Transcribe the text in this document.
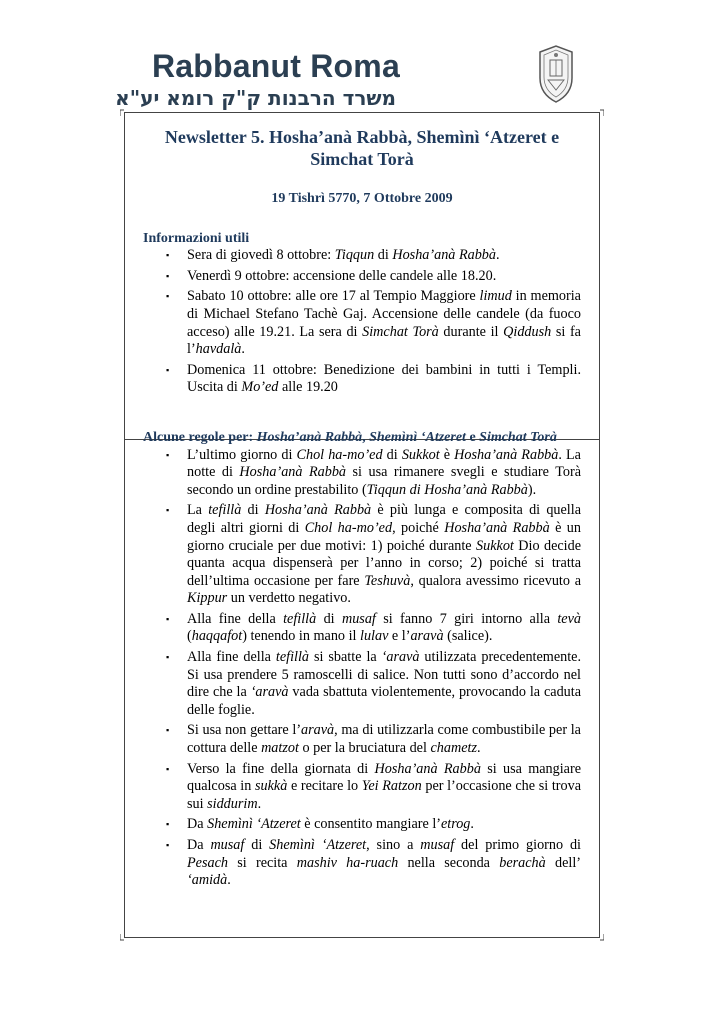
Rabbanut Roma
משרד הרבנות ק"ק רומא יע"א
Newsletter 5. Hosha’anà Rabbà, Shemìnì ‘Atzeret e Simchat Torà
19 Tishrì 5770, 7 Ottobre 2009
Informazioni utili
▪ Sera di giovedì 8 ottobre: Tiqqun di Hosha’anà Rabbà.
▪ Venerdì 9 ottobre: accensione delle candele alle 18.20.
▪ Sabato 10 ottobre: alle ore 17 al Tempio Maggiore limud in memoria di Michael Stefano Tachè Gaj. Accensione delle candele (da fuoco acceso) alle 19.21. La sera di Simchat Torà durante il Qiddush si fa l’havdalà.
▪ Domenica 11 ottobre: Benedizione dei bambini in tutti i Templi. Uscita di Mo’ed alle 19.20
Alcune regole per: Hosha’anà Rabbà, Shemìnì ‘Atzeret e Simchat Torà
▪ L’ultimo giorno di Chol ha-mo’ed di Sukkot è Hosha’anà Rabbà. La notte di Hosha’anà Rabbà si usa rimanere svegli e studiare Torà secondo un ordine prestabilito (Tiqqun di Hosha’anà Rabbà).
▪ La tefillà di Hosha’anà Rabbà è più lunga e composita di quella degli altri giorni di Chol ha-mo’ed, poiché Hosha’anà Rabbà è un giorno cruciale per due motivi: 1) poiché durante Sukkot Dio decide quanta acqua dispenserà per l’anno in corso; 2) poiché si tratta dell’ultima occasione per fare Teshuvà, qualora avessimo ricevuto a Kippur un verdetto negativo.
▪ Alla fine della tefillà di musaf si fanno 7 giri intorno alla tevà (haqqafot) tenendo in mano il lulav e l’aravà (salice).
▪ Alla fine della tefillà si sbatte la ‘aravà utilizzata precedentemente. Si usa prendere 5 ramoscelli di salice. Non tutti sono d’accordo nel dire che la ‘aravà vada sbattuta violentemente, provocando la caduta delle foglie.
▪ Si usa non gettare l’aravà, ma di utilizzarla come combustibile per la cottura delle matzot o per la bruciatura del chametz.
▪ Verso la fine della giornata di Hosha’anà Rabbà si usa mangiare qualcosa in sukkà e recitare lo Yei Ratzon per l’occasione che si trova sui siddurim.
▪ Da Shemìnì ‘Atzeret è consentito mangiare l’etrog.
▪ Da musaf di Shemìnì ‘Atzeret, sino a musaf del primo giorno di Pesach si recita mashiv ha-ruach nella seconda berachà dell’ ‘amidà.
